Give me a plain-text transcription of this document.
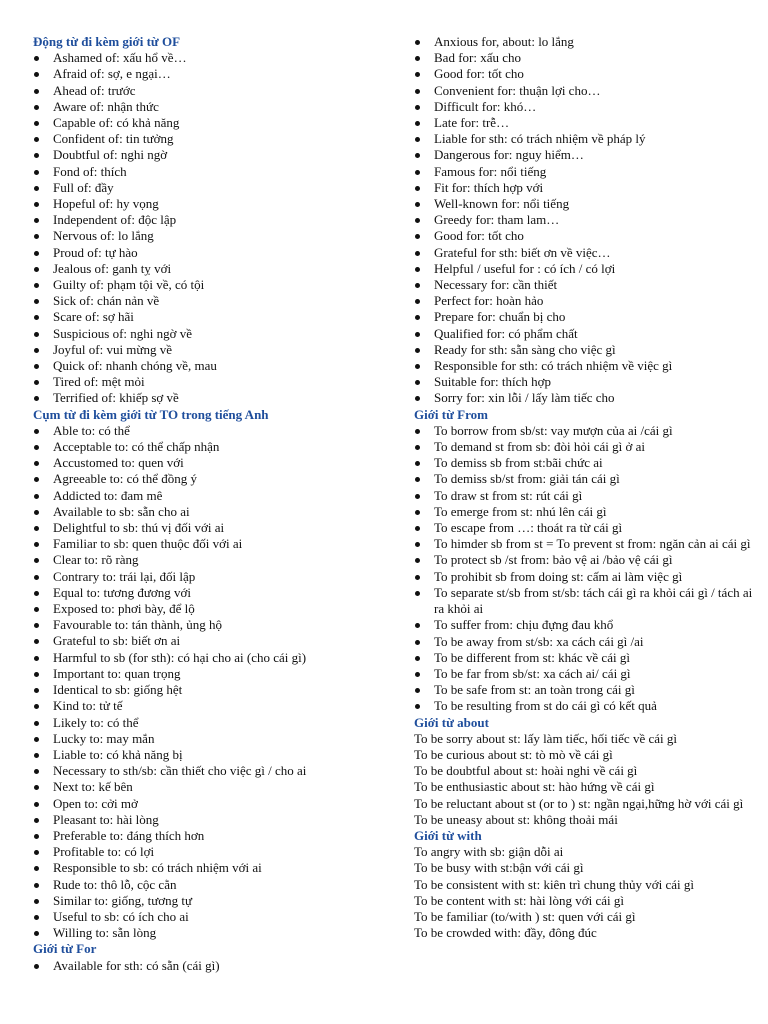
Động từ đi kèm giới từ OF
Ashamed of: xấu hổ về…
Afraid of: sợ, e ngại…
Ahead of: trước
Aware of: nhận thức
Capable of: có khả năng
Confident of: tin tưởng
Doubtful of: nghi ngờ
Fond of: thích
Full of: đầy
Hopeful of: hy vọng
Independent of: độc lập
Nervous of: lo lắng
Proud of: tự hào
Jealous of: ganh tỵ với
Guilty of: phạm tội về, có tội
Sick of: chán nản về
Scare of: sợ hãi
Suspicious of: nghi ngờ về
Joyful of: vui mừng về
Quick of: nhanh chóng về, mau
Tired of: mệt mỏi
Terrified of: khiếp sợ về
Cụm từ đi kèm giới từ TO trong tiếng Anh
Able to: có thể
Acceptable to: có thể chấp nhận
Accustomed to: quen với
Agreeable to: có thể đồng ý
Addicted to: đam mê
Available to sb: sẵn cho ai
Delightful to sb: thú vị đối với ai
Familiar to sb: quen thuộc đối với ai
Clear to: rõ ràng
Contrary to: trái lại, đối lập
Equal to: tương đương với
Exposed to: phơi bày, để lộ
Favourable to: tán thành, ủng hộ
Grateful to sb: biết ơn ai
Harmful to sb (for sth): có hại cho ai (cho cái gì)
Important to: quan trọng
Identical to sb: giống hệt
Kind to: tử tế
Likely to: có thể
Lucky to: may mắn
Liable to: có khả năng bị
Necessary to sth/sb: cần thiết cho việc gì / cho ai
Next to: kế bên
Open to: cởi mở
Pleasant to: hài lòng
Preferable to: đáng thích hơn
Profitable to: có lợi
Responsible to sb: có trách nhiệm với ai
Rude to: thô lỗ, cộc cằn
Similar to: giống, tương tự
Useful to sb: có ích cho ai
Willing to: sẵn lòng
Giới từ For
Available for sth: có sẵn (cái gì)
Anxious for, about: lo lắng
Bad for: xấu cho
Good for: tốt cho
Convenient for: thuận lợi cho…
Difficult for: khó…
Late for: trễ…
Liable for sth: có trách nhiệm về pháp lý
Dangerous for: nguy hiểm…
Famous for: nổi tiếng
Fit for: thích hợp với
Well-known for: nổi tiếng
Greedy for: tham lam…
Good for: tốt cho
Grateful for sth: biết ơn về việc…
Helpful / useful for : có ích / có lợi
Necessary for: cần thiết
Perfect for: hoàn hảo
Prepare for: chuẩn bị cho
Qualified for: có phẩm chất
Ready for sth: sẵn sàng cho việc gì
Responsible for sth: có trách nhiệm về việc gì
Suitable for: thích hợp
Sorry for: xin lỗi / lấy làm tiếc cho
Giới từ From
To borrow from sb/st: vay mượn của ai /cái gì
To demand st from sb: đòi hỏi cái gì ở ai
To demiss sb from st:bãi chức ai
To demiss sb/st from: giải tán cái gì
To draw st from st: rút cái gì
To emerge from st: nhú lên cái gì
To escape from …: thoát ra từ cái gì
To himder sb from st = To prevent st from: ngăn cản ai cái gì
To protect sb /st from: bảo vệ ai /bảo vệ cái gì
To prohibit sb from doing st: cấm ai làm việc gì
To separate st/sb from st/sb: tách cái gì ra khỏi cái gì / tách ai ra khỏi ai
To suffer from: chịu đựng đau khổ
To be away from st/sb: xa cách cái gì /ai
To be different from st: khác về cái gì
To be far from sb/st: xa cách ai/ cái gì
To be safe from st: an toàn trong cái gì
To be resulting from st do cái gì có kết quả
Giới từ about
To be sorry about st: lấy làm tiếc, hối tiếc về cái gì
To be curious about st: tò mò về cái gì
To be doubtful about st: hoài nghi về cái gì
To be enthusiastic about st: hào hứng về cái gì
To be reluctant about st (or to ) st: ngần ngại,hững hờ với cái gì
To be uneasy about st: không thoải mái
Giới từ with
To angry with sb: giận dỗi ai
To be busy with st:bận với cái gì
To be consistent with st: kiên trì chung thủy với cái gì
To be content with st: hài lòng với cái gì
To be familiar (to/with ) st: quen với cái gì
To be crowded with: đầy, đông đúc
